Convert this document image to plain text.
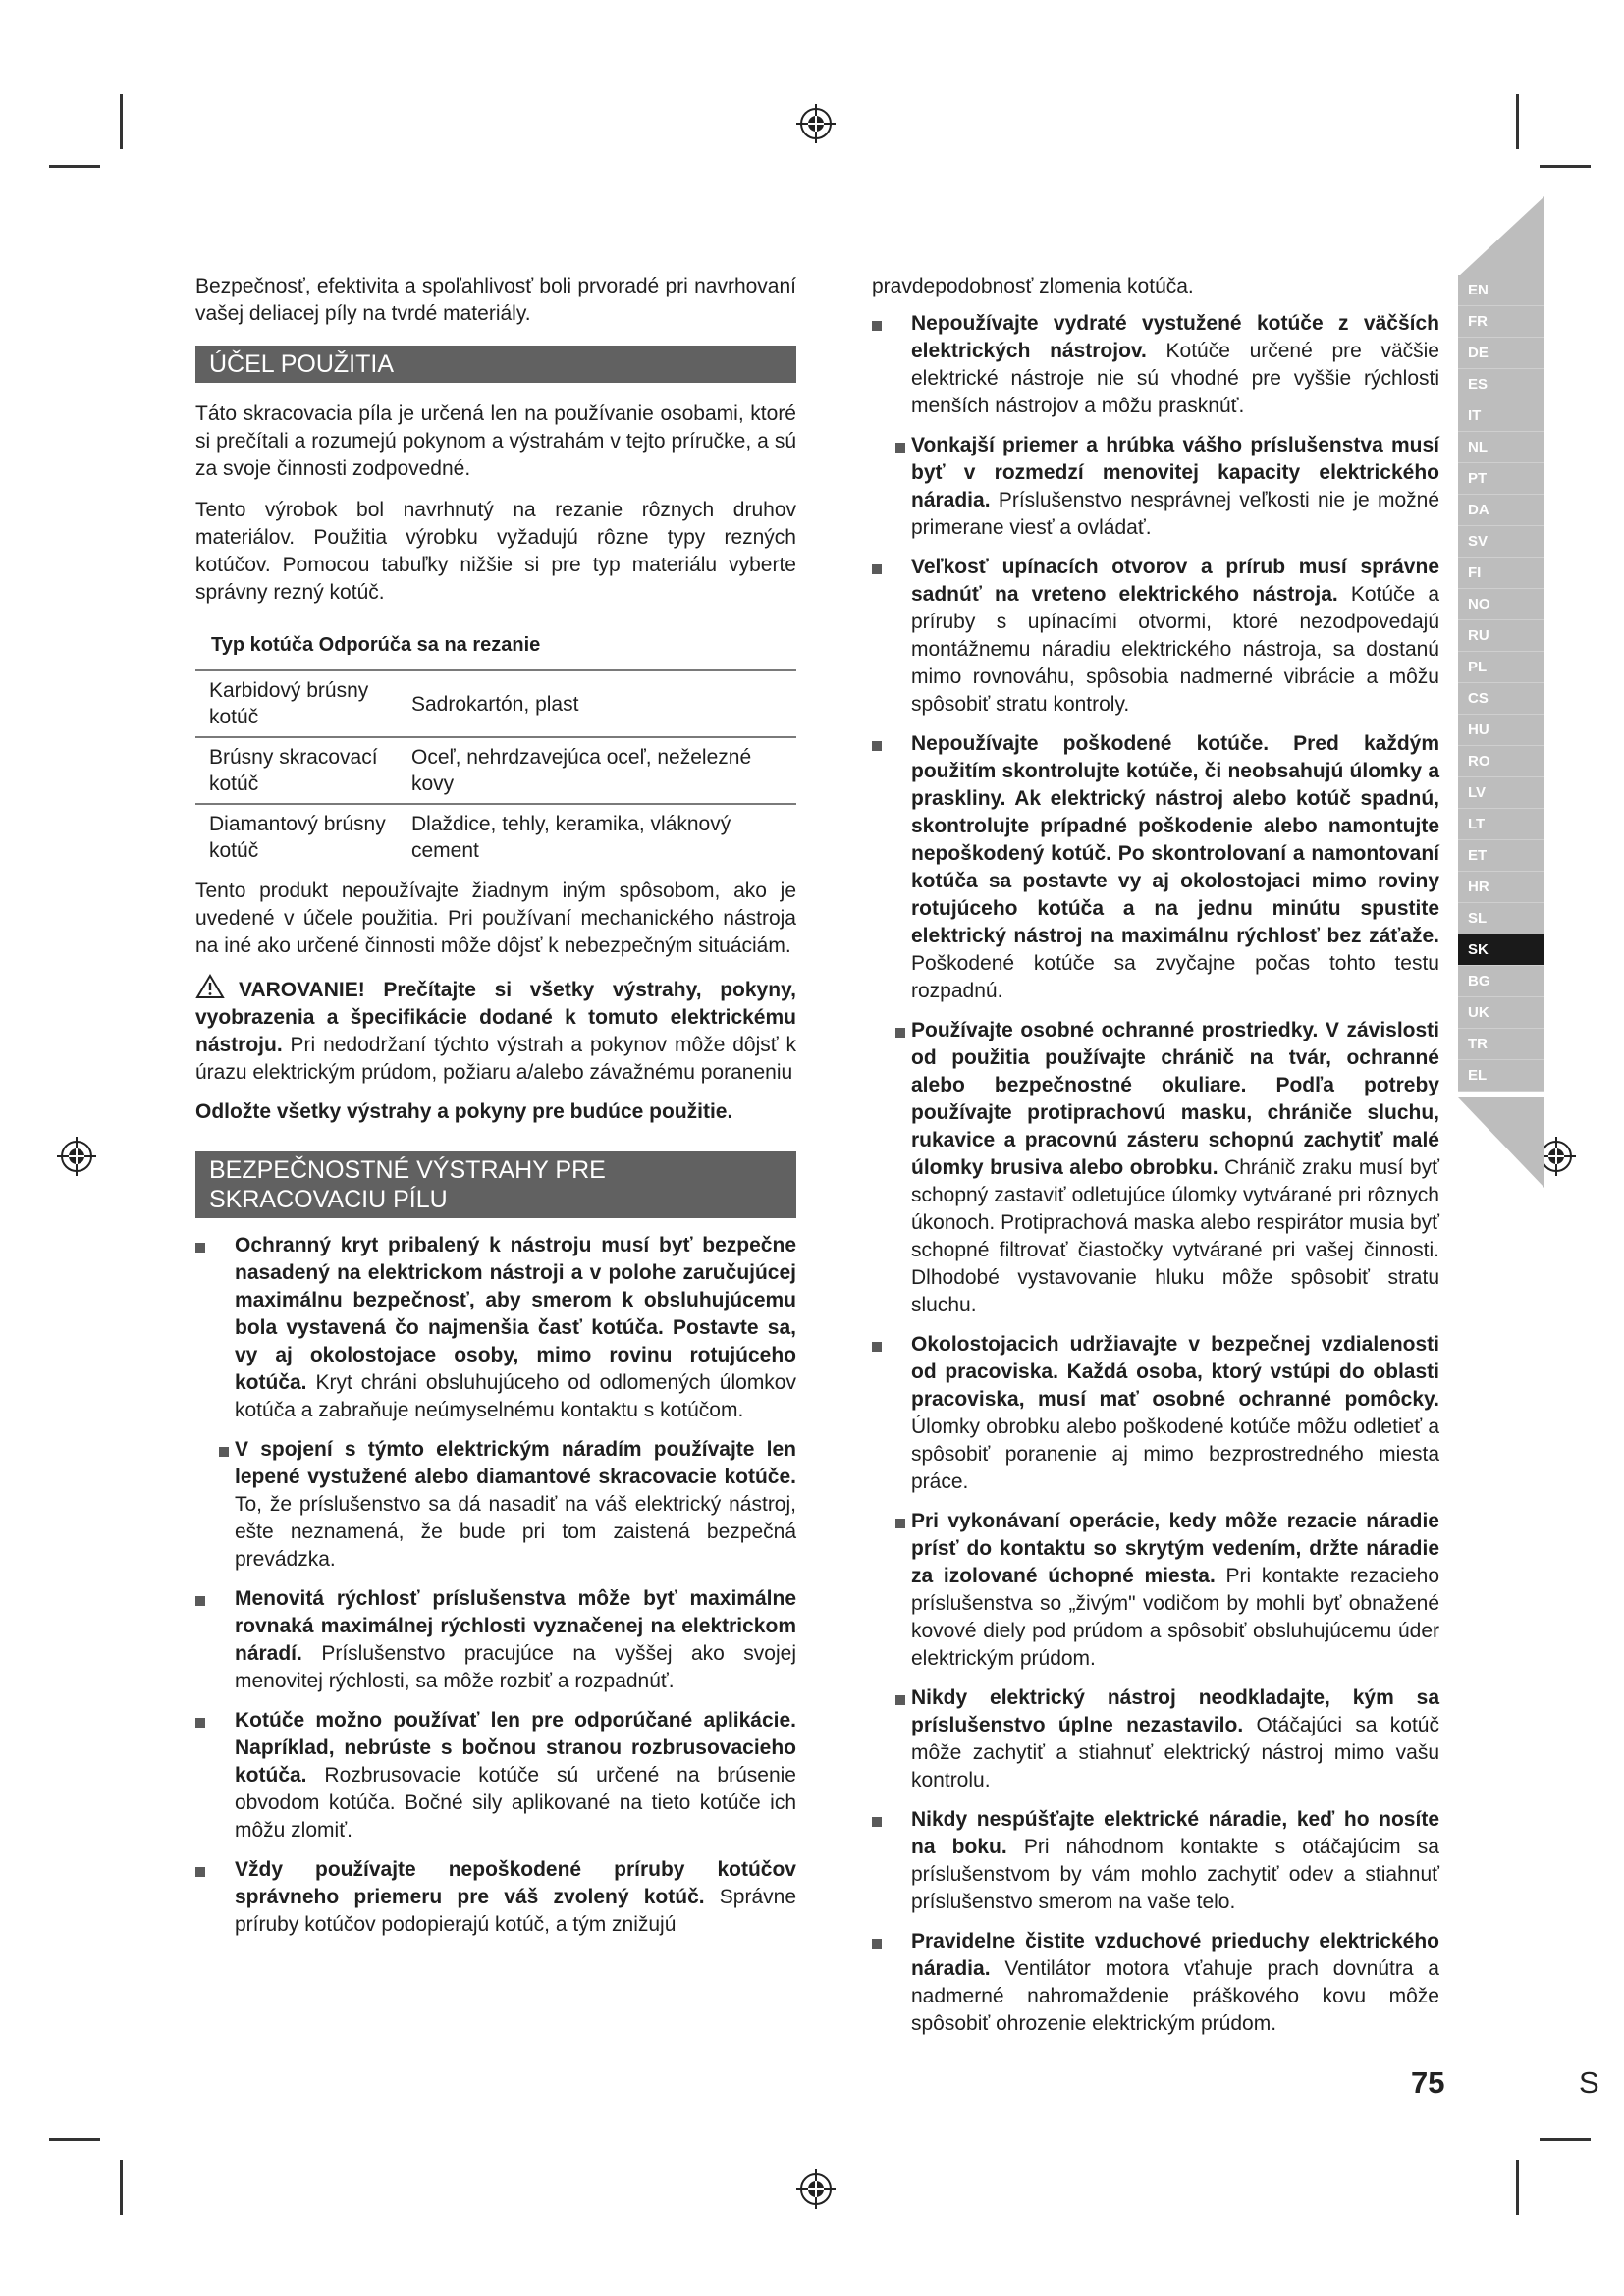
EN
FR
DE
ES
IT
NL
PT
DA
SV
FI
NO
RU
PL
CS
HU
RO
LV
LT
ET
HR
SL
SK
BG
UK
TR
EL

Bezpečnosť, efektivita a spoľahlivosť boli prvoradé pri navrhovaní vašej deliacej píly na tvrdé materiály.

ÚČEL POUŽITIA

Táto skracovacia píla je určená len na používanie osobami, ktoré si prečítali a rozumejú pokynom a výstrahám v tejto príručke, a sú za svoje činnosti zodpovedné.

Tento výrobok bol navrhnutý na rezanie rôznych druhov materiálov. Použitia výrobku vyžadujú rôzne typy rezných kotúčov. Pomocou tabuľky nižšie si pre typ materiálu vyberte správny rezný kotúč.

Typ kotúča Odporúča sa na rezanie
Karbidový brúsny kotúč	Sadrokartón, plast
Brúsny skracovací kotúč	Oceľ, nehrdzavejúca oceľ, neželezné kovy
Diamantový brúsny kotúč	Dlaždice, tehly, keramika, vláknový cement

Tento produkt nepoužívajte žiadnym iným spôsobom, ako je uvedené v účele použitia. Pri používaní mechanického nástroja na iné ako určené činnosti môže dôjsť k nebezpečným situáciám.

VAROVANIE! Prečítajte si všetky výstrahy, pokyny, vyobrazenia a špecifikácie dodané k tomuto elektrickému nástroju. Pri nedodržaní týchto výstrah a pokynov môže dôjsť k úrazu elektrickým prúdom, požiaru a/alebo závažnému poraneniu

Odložte všetky výstrahy a pokyny pre budúce použitie.

BEZPEČNOSTNÉ VÝSTRAHY PRE SKRACOVACIU PÍLU
Ochranný kryt pribalený k nástroju musí byť bezpečne nasadený na elektrickom nástroji a v polohe zaručujúcej maximálnu bezpečnosť, aby smerom k obsluhujúcemu bola vystavená čo najmenšia časť kotúča. Postavte sa, vy aj okolostojace osoby, mimo rovinu rotujúceho kotúča. Kryt chráni obsluhujúceho od odlomených úlomkov kotúča a zabraňuje neúmyselnému kontaktu s kotúčom.
V spojení s týmto elektrickým náradím používajte len lepené vystužené alebo diamantové skracovacie kotúče. To, že príslušenstvo sa dá nasadiť na váš elektrický nástroj, ešte neznamená, že bude pri tom zaistená bezpečná prevádzka.
Menovitá rýchlosť príslušenstva môže byť maximálne rovnaká maximálnej rýchlosti vyznačenej na elektrickom náradí. Príslušenstvo pracujúce na vyššej ako svojej menovitej rýchlosti, sa môže rozbiť a rozpadnúť.
Kotúče možno používať len pre odporúčané aplikácie. Napríklad, nebrúste s bočnou stranou rozbrusovacieho kotúča. Rozbrusovacie kotúče sú určené na brúsenie obvodom kotúča. Bočné sily aplikované na tieto kotúče ich môžu zlomiť.
Vždy používajte nepoškodené príruby kotúčov správneho priemeru pre váš zvolený kotúč. Správne príruby kotúčov podopierajú kotúč, a tým znižujú

pravdepodobnosť zlomenia kotúča.

Nepoužívajte vydraté vystužené kotúče z väčších elektrických nástrojov. Kotúče určené pre väčšie elektrické nástroje nie sú vhodné pre vyššie rýchlosti menších nástrojov a môžu prasknúť.
Vonkajší priemer a hrúbka vášho príslušenstva musí byť v rozmedzí menovitej kapacity elektrického náradia. Príslušenstvo nesprávnej veľkosti nie je možné primerane viesť a ovládať.
Veľkosť upínacích otvorov a prírub musí správne sadnúť na vreteno elektrického nástroja. Kotúče a príruby s upínacími otvormi, ktoré nezodpovedajú montážnemu náradiu elektrického nástroja, sa dostanú mimo rovnováhu, spôsobia nadmerné vibrácie a môžu spôsobiť stratu kontroly.
Nepoužívajte poškodené kotúče. Pred každým použitím skontrolujte kotúče, či neobsahujú úlomky a praskliny. Ak elektrický nástroj alebo kotúč spadnú, skontrolujte prípadné poškodenie alebo namontujte nepoškodený kotúč. Po skontrolovaní a namontovaní kotúča sa postavte vy aj okolostojaci mimo roviny rotujúceho kotúča a na jednu minútu spustite elektrický nástroj na maximálnu rýchlosť bez záťaže. Poškodené kotúče sa zvyčajne počas tohto testu rozpadnú.
Používajte osobné ochranné prostriedky. V závislosti od použitia používajte chránič na tvár, ochranné alebo bezpečnostné okuliare. Podľa potreby používajte protiprachovú masku, chrániče sluchu, rukavice a pracovnú zásteru schopnú zachytiť malé úlomky brusiva alebo obrobku. Chránič zraku musí byť schopný zastaviť odletujúce úlomky vytvárané pri rôznych úkonoch. Protiprachová maska alebo respirátor musia byť schopné filtrovať čiastočky vytvárané pri vašej činnosti. Dlhodobé vystavovanie hluku môže spôsobiť stratu sluchu.
Okolostojacich udržiavajte v bezpečnej vzdialenosti od pracoviska. Každá osoba, ktorý vstúpi do oblasti pracoviska, musí mať osobné ochranné pomôcky. Úlomky obrobku alebo poškodené kotúče môžu odletieť a spôsobiť poranenie aj mimo bezprostredného miesta práce.
Pri vykonávaní operácie, kedy môže rezacie náradie prísť do kontaktu so skrytým vedením, držte náradie za izolované úchopné miesta. Pri kontakte rezacieho príslušenstva so „živým" vodičom by mohli byť obnažené kovové diely pod prúdom a spôsobiť obsluhujúcemu úder elektrickým prúdom.
Nikdy elektrický nástroj neodkladajte, kým sa príslušenstvo úplne nezastavilo. Otáčajúci sa kotúč môže zachytiť a stiahnuť elektrický nástroj mimo vašu kontrolu.
Nikdy nespúšťajte elektrické náradie, keď ho nosíte na boku. Pri náhodnom kontakte s otáčajúcim sa príslušenstvom by vám mohlo zachytiť odev a stiahnuť príslušenstvo smerom na vaše telo.
Pravidelne čistite vzduchové prieduchy elektrického náradia. Ventilátor motora vťahuje prach dovnútra a nadmerné nahromaždenie práškového kovu môže spôsobiť ohrozenie elektrickým prúdom.
75	S
